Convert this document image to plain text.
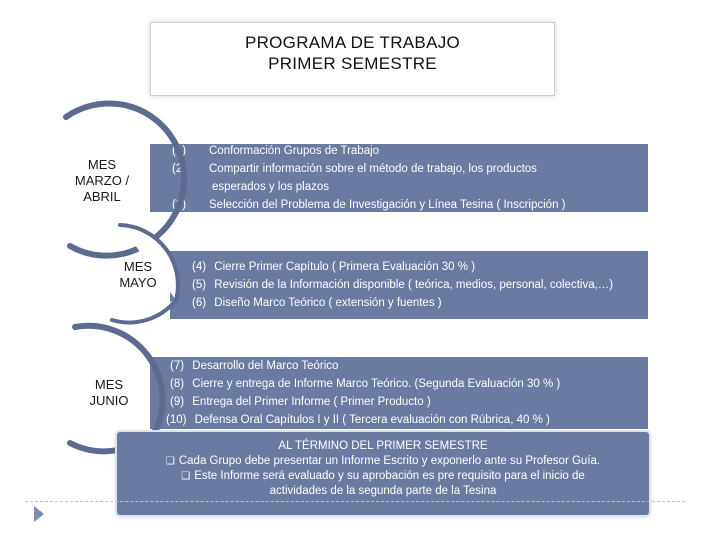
PROGRAMA DE TRABAJO
PRIMER SEMESTRE
(1) Conformación Grupos de Trabajo
(2) Compartir información sobre el método de trabajo, los productos
esperados y los plazos
(3) Selección del Problema de Investigación y Línea Tesina ( Inscripción )
(4) Cierre Primer Capítulo ( Primera Evaluación 30 % )
(5) Revisión de la Información disponible ( teórica, medios, personal, colectiva,…)
(6) Diseño Marco Teórico ( extensión y fuentes )
(7) Desarrollo del Marco Teórico
(8) Cierre y entrega de Informe Marco Teórico. (Segunda Evaluación 30 % )
(9) Entrega del Primer Informe ( Primer Producto )
(10) Defensa Oral Capítulos I y II ( Tercera evaluación con Rúbrica, 40 % )
MES
MARZO /
ABRIL
MES
MAYO
MES
JUNIO
AL TÉRMINO DEL PRIMER SEMESTRE
❑ Cada Grupo debe presentar un Informe Escrito y exponerlo ante su Profesor Guía.
❑ Este Informe será evaluado y su aprobación es pre requisito para el inicio de
actividades de la segunda parte de la Tesina
